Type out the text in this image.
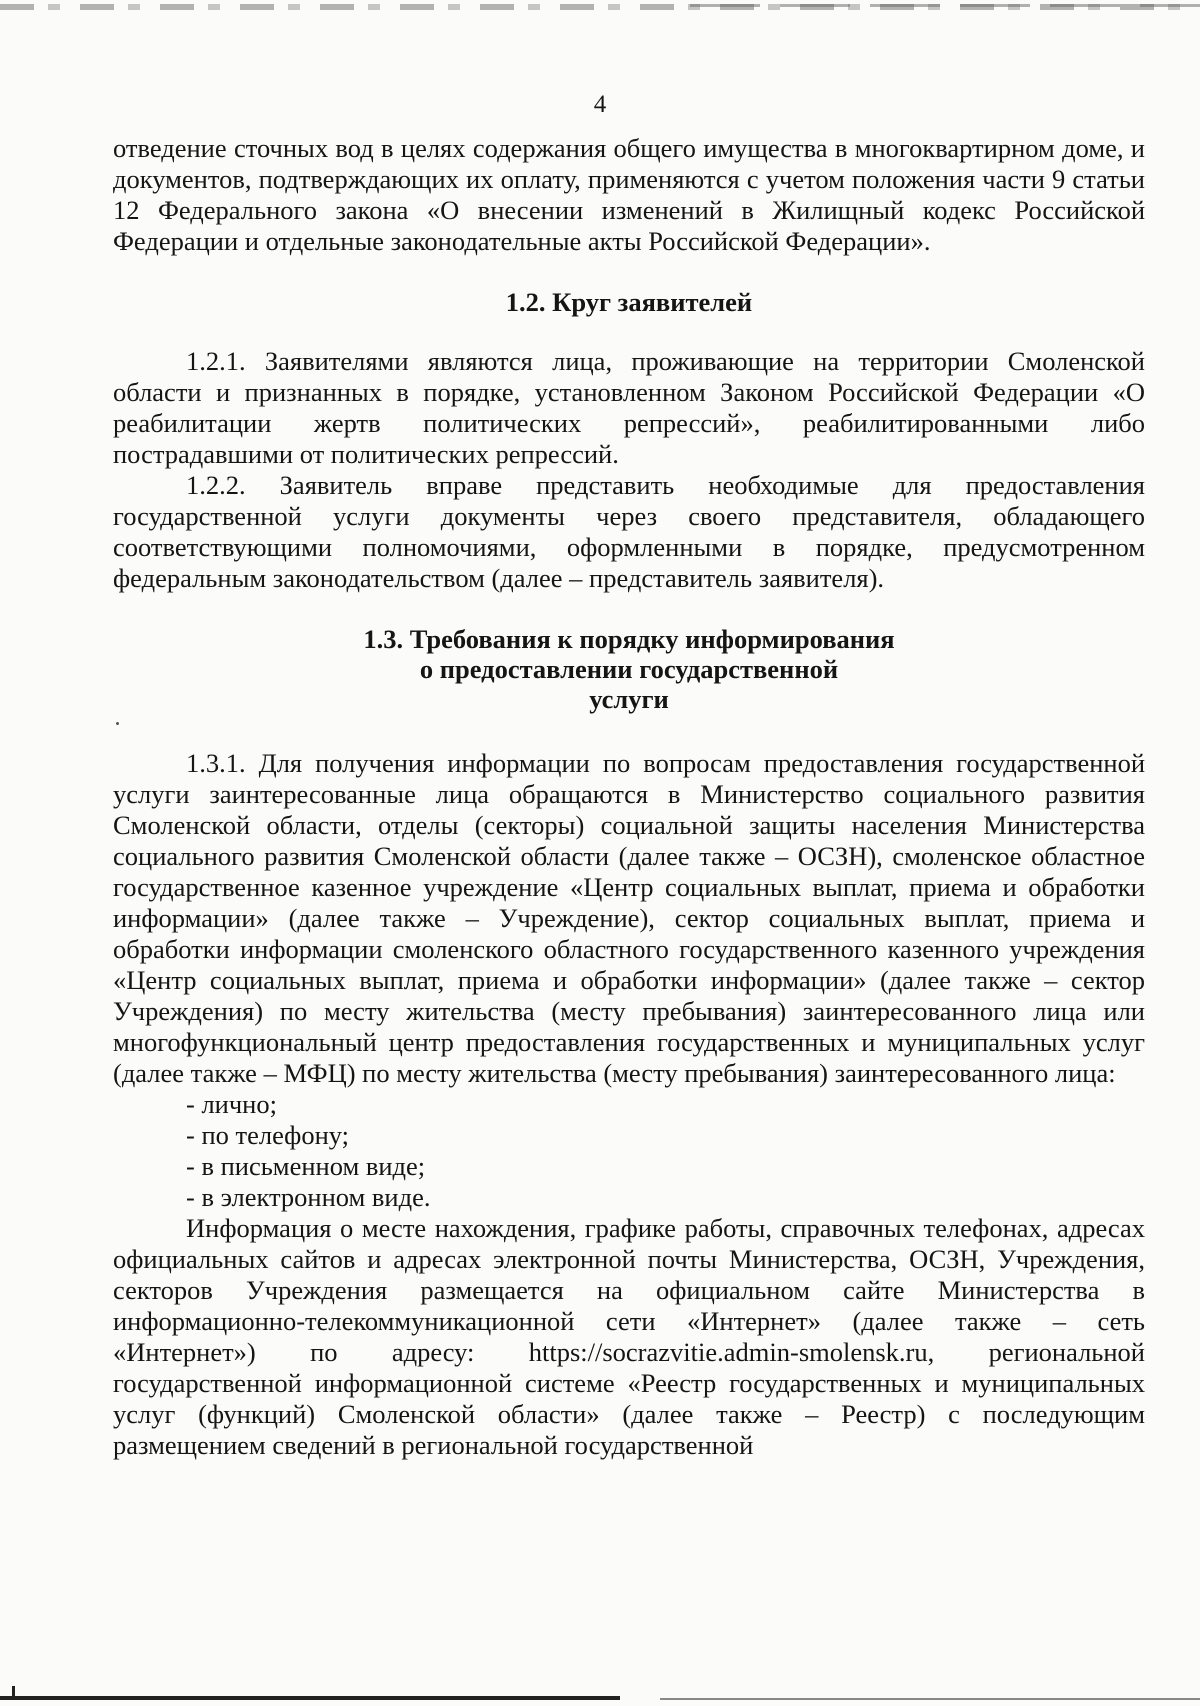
4

отведение сточных вод в целях содержания общего имущества в многоквартирном доме, и документов, подтверждающих их оплату, применяются с учетом положения части 9 статьи 12 Федерального закона «О внесении изменений в Жилищный кодекс Российской Федерации и отдельные законодательные акты Российской Федерации».

1.2. Круг заявителей

1.2.1. Заявителями являются лица, проживающие на территории Смоленской области и признанных в порядке, установленном Законом Российской Федерации «О реабилитации жертв политических репрессий», реабилитированными либо пострадавшими от политических репрессий.

1.2.2. Заявитель вправе представить необходимые для предоставления государственной услуги документы через своего представителя, обладающего соответствующими полномочиями, оформленными в порядке, предусмотренном федеральным законодательством (далее – представитель заявителя).

1.3. Требования к порядку информирования
о предоставлении государственной
услуги

1.3.1. Для получения информации по вопросам предоставления государственной услуги заинтересованные лица обращаются в Министерство социального развития Смоленской области, отделы (секторы) социальной защиты населения Министерства социального развития Смоленской области (далее также – ОСЗН), смоленское областное государственное казенное учреждение «Центр социальных выплат, приема и обработки информации» (далее также – Учреждение), сектор социальных выплат, приема и обработки информации смоленского областного государственного казенного учреждения «Центр социальных выплат, приема и обработки информации» (далее также – сектор Учреждения) по месту жительства (месту пребывания) заинтересованного лица или многофункциональный центр предоставления государственных и муниципальных услуг (далее также – МФЦ) по месту жительства (месту пребывания) заинтересованного лица:

- лично;
- по телефону;
- в письменном виде;
- в электронном виде.

Информация о месте нахождения, графике работы, справочных телефонах, адресах официальных сайтов и адресах электронной почты Министерства, ОСЗН, Учреждения, секторов Учреждения размещается на официальном сайте Министерства в информационно-телекоммуникационной сети «Интернет» (далее также – сеть «Интернет») по адресу: https://socrazvitie.admin-smolensk.ru, региональной государственной информационной системе «Реестр государственных и муниципальных услуг (функций) Смоленской области» (далее также – Реестр) с последующим размещением сведений в региональной государственной
